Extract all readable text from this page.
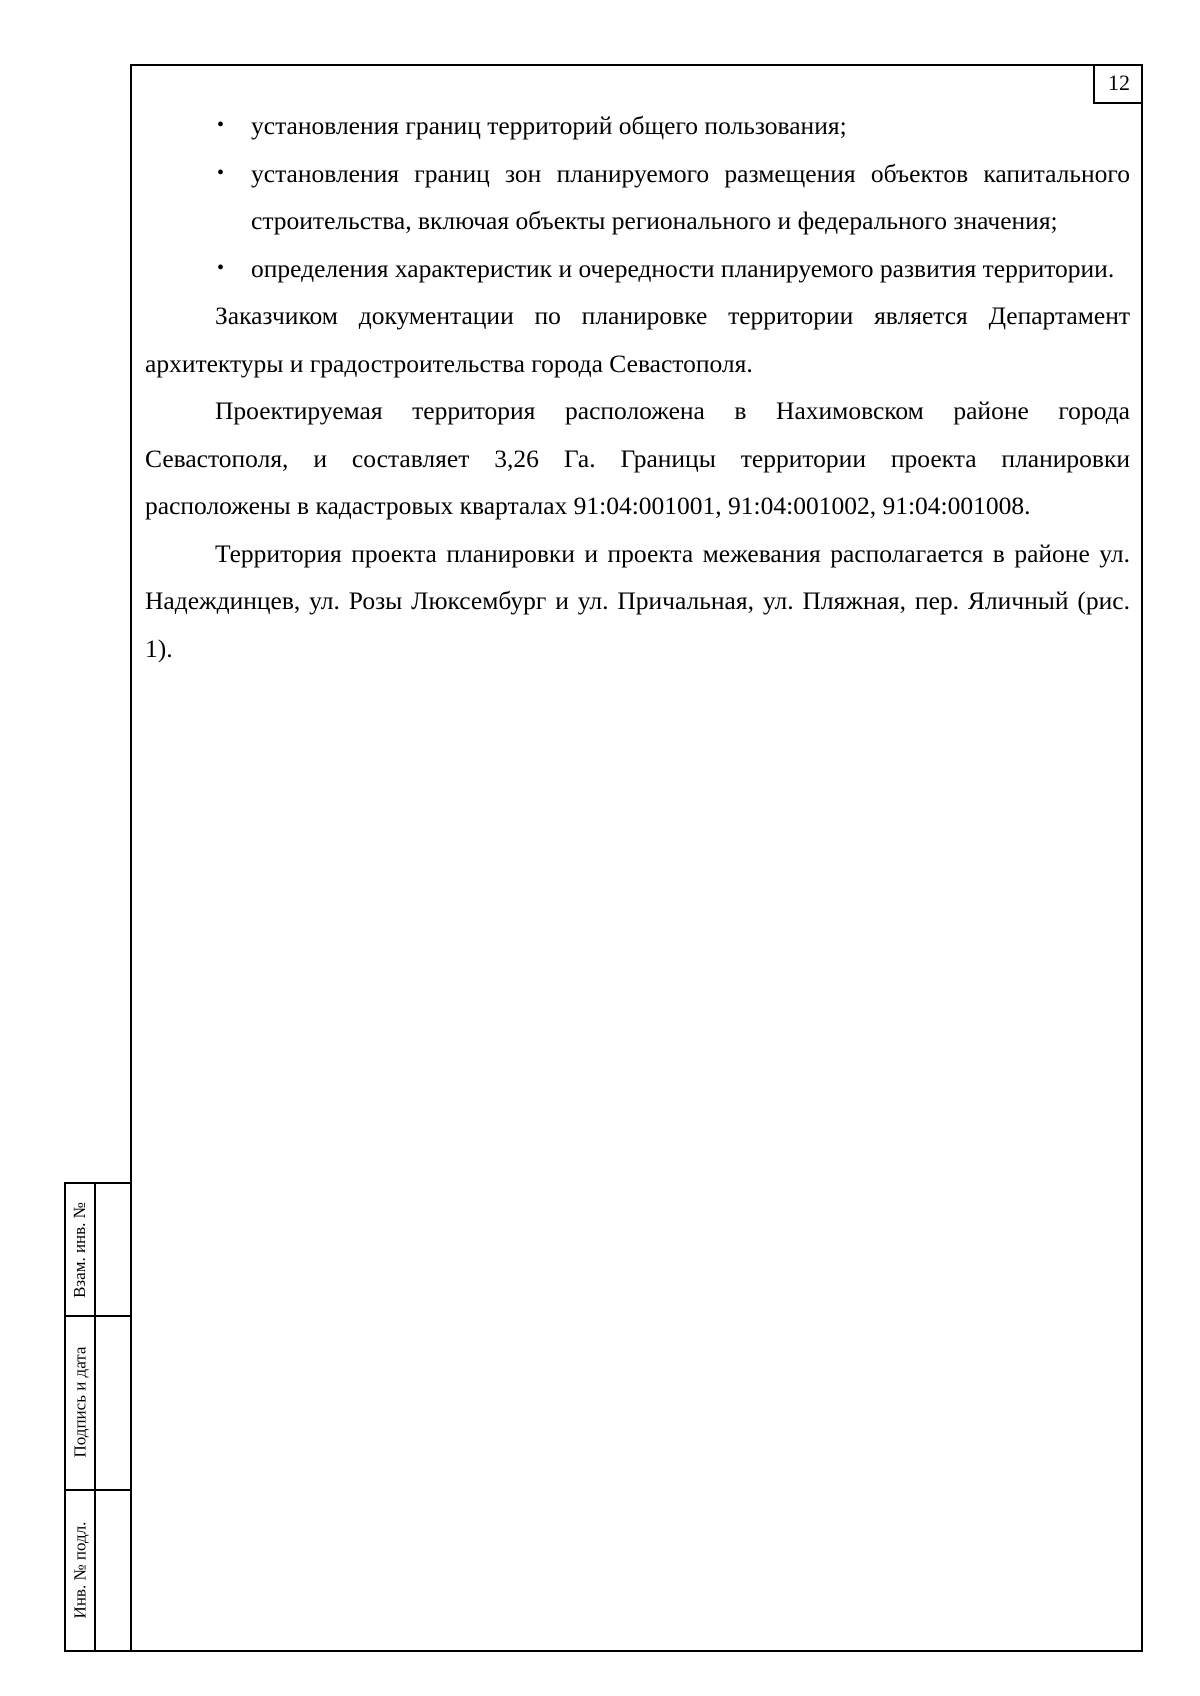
12
• установления границ территорий общего пользования;
• установления границ зон планируемого размещения объектов капитального строительства, включая объекты регионального и федерального значения;
• определения характеристик и очередности планируемого развития территории.

Заказчиком документации по планировке территории является Департамент архитектуры и градостроительства города Севастополя.

Проектируемая территория расположена в Нахимовском районе города Севастополя, и составляет 3,26 Га. Границы территории проекта планировки расположены в кадастровых кварталах 91:04:001001, 91:04:001002, 91:04:001008.

Территория проекта планировки и проекта межевания располагается в районе ул. Надеждинцев, ул. Розы Люксембург и ул. Причальная, ул. Пляжная, пер. Яличный (рис. 1).

Взам. инв. №
Подпись и дата
Инв. № подл.
